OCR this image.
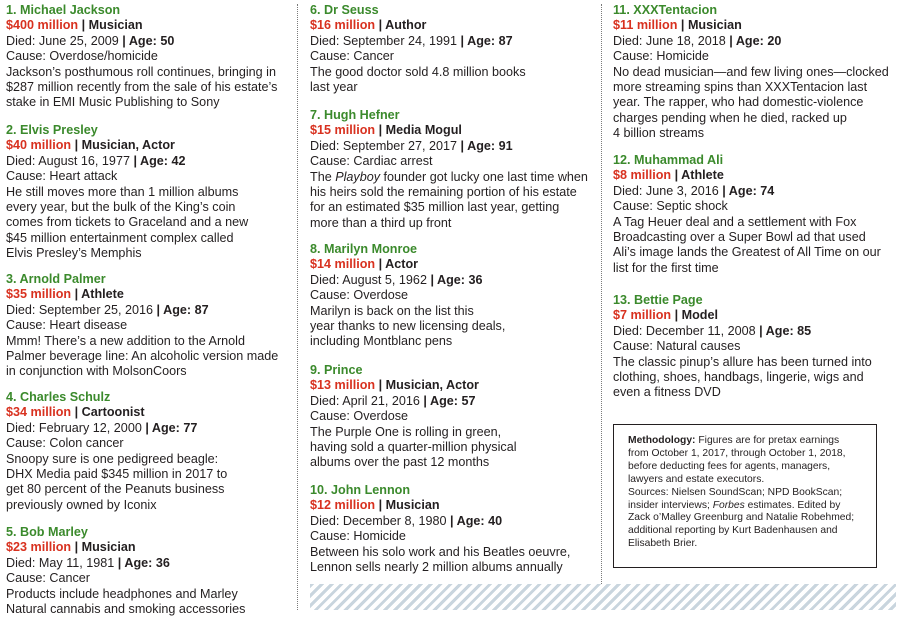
1. Michael Jackson
$400 million | Musician
Died: June 25, 2009 | Age: 50
Cause: Overdose/homicide
Jackson’s posthumous roll continues, bringing in
$287 million recently from the sale of his estate’s
stake in EMI Music Publishing to Sony
2. Elvis Presley
$40 million | Musician, Actor
Died: August 16, 1977 | Age: 42
Cause: Heart attack
He still moves more than 1 million albums
every year, but the bulk of the King’s coin
comes from tickets to Graceland and a new
$45 million entertainment complex called
Elvis Presley’s Memphis
3. Arnold Palmer
$35 million | Athlete
Died: September 25, 2016 | Age: 87
Cause: Heart disease
Mmm! There’s a new addition to the Arnold
Palmer beverage line: An alcoholic version made
in conjunction with MolsonCoors
4. Charles Schulz
$34 million | Cartoonist
Died: February 12, 2000 | Age: 77
Cause: Colon cancer
Snoopy sure is one pedigreed beagle:
DHX Media paid $345 million in 2017 to
get 80 percent of the Peanuts business
previously owned by Iconix
5. Bob Marley
$23 million | Musician
Died: May 11, 1981 | Age: 36
Cause: Cancer
Products include headphones and Marley
Natural cannabis and smoking accessories
6. Dr Seuss
$16 million | Author
Died: September 24, 1991 | Age: 87
Cause: Cancer
The good doctor sold 4.8 million books
last year
7. Hugh Hefner
$15 million | Media Mogul
Died: September 27, 2017 | Age: 91
Cause: Cardiac arrest
The Playboy founder got lucky one last time when
his heirs sold the remaining portion of his estate
for an estimated $35 million last year, getting
more than a third up front
8. Marilyn Monroe
$14 million | Actor
Died: August 5, 1962 | Age: 36
Cause: Overdose
Marilyn is back on the list this
year thanks to new licensing deals,
including Montblanc pens
9. Prince
$13 million | Musician, Actor
Died: April 21, 2016 | Age: 57
Cause: Overdose
The Purple One is rolling in green,
having sold a quarter-million physical
albums over the past 12 months
10. John Lennon
$12 million | Musician
Died: December 8, 1980 | Age: 40
Cause: Homicide
Between his solo work and his Beatles oeuvre,
Lennon sells nearly 2 million albums annually
11. XXXTentacion
$11 million | Musician
Died: June 18, 2018 | Age: 20
Cause: Homicide
No dead musician—and few living ones—clocked
more streaming spins than XXXTentacion last
year. The rapper, who had domestic-violence
charges pending when he died, racked up
4 billion streams
12. Muhammad Ali
$8 million | Athlete
Died: June 3, 2016 | Age: 74
Cause: Septic shock
A Tag Heuer deal and a settlement with Fox
Broadcasting over a Super Bowl ad that used
Ali’s image lands the Greatest of All Time on our
list for the first time
13. Bettie Page
$7 million | Model
Died: December 11, 2008 | Age: 85
Cause: Natural causes
The classic pinup’s allure has been turned into
clothing, shoes, handbags, lingerie, wigs and
even a fitness DVD
Methodology: Figures are for pretax earnings
from October 1, 2017, through October 1, 2018,
before deducting fees for agents, managers,
lawyers and estate executors.
Sources: Nielsen SoundScan; NPD BookScan;
insider interviews; Forbes estimates. Edited by
Zack o’Malley Greenburg and Natalie Robehmed;
additional reporting by Kurt Badenhausen and
Elisabeth Brier.
